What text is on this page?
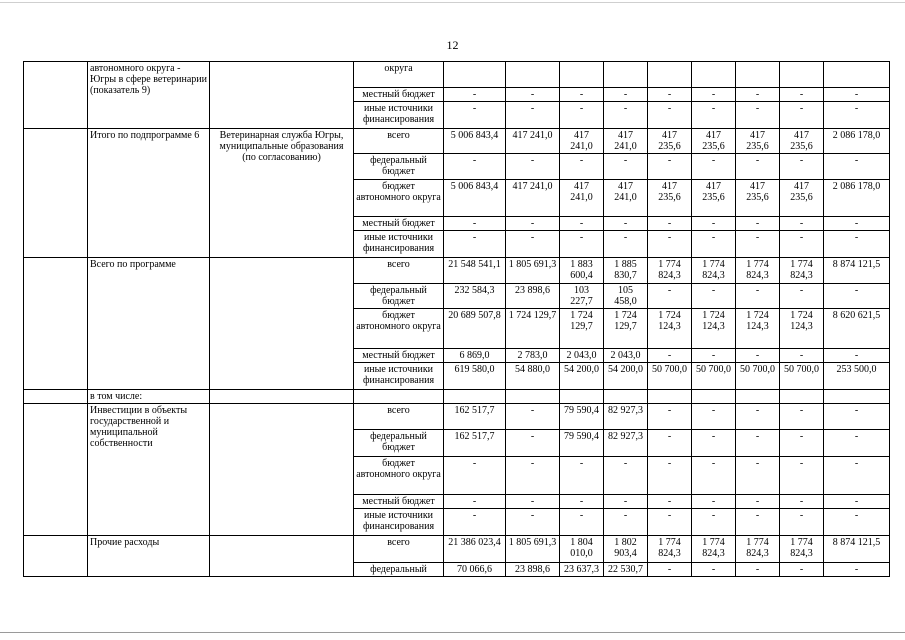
12
	автономного округа - Югры в сфере ветеринарии (показатель 9)		округа									
			местный бюджет	-	-	-	-	-	-	-	-	-
			иные источники финансирования	-	-	-	-	-	-	-	-	-
	Итого по подпрограмме 6	Ветеринарная служба Югры, муниципальные образования (по согласованию)	всего	5 006 843,4	417 241,0	417 241,0	417 241,0	417 235,6	417 235,6	417 235,6	417 235,6	2 086 178,0
			федеральный бюджет	-	-	-	-	-	-	-	-	-
			бюджет автономного округа	5 006 843,4	417 241,0	417 241,0	417 241,0	417 235,6	417 235,6	417 235,6	417 235,6	2 086 178,0
			местный бюджет	-	-	-	-	-	-	-	-	-
			иные источники финансирования	-	-	-	-	-	-	-	-	-
	Всего по программе		всего	21 548 541,1	1 805 691,3	1 883 600,4	1 885 830,7	1 774 824,3	1 774 824,3	1 774 824,3	1 774 824,3	8 874 121,5
			федеральный бюджет	232 584,3	23 898,6	103 227,7	105 458,0	-	-	-	-	-
			бюджет автономного округа	20 689 507,8	1 724 129,7	1 724 129,7	1 724 129,7	1 724 124,3	1 724 124,3	1 724 124,3	1 724 124,3	8 620 621,5
			местный бюджет	6 869,0	2 783,0	2 043,0	2 043,0	-	-	-	-	-
			иные источники финансирования	619 580,0	54 880,0	54 200,0	54 200,0	50 700,0	50 700,0	50 700,0	50 700,0	253 500,0
	в том числе:											
	Инвестиции в объекты государственной и муниципальной собственности		всего	162 517,7	-	79 590,4	82 927,3	-	-	-	-	-
			федеральный бюджет	162 517,7	-	79 590,4	82 927,3	-	-	-	-	-
			бюджет автономного округа	-	-	-	-	-	-	-	-	-
			местный бюджет	-	-	-	-	-	-	-	-	-
			иные источники финансирования	-	-	-	-	-	-	-	-	-
	Прочие расходы		всего	21 386 023,4	1 805 691,3	1 804 010,0	1 802 903,4	1 774 824,3	1 774 824,3	1 774 824,3	1 774 824,3	8 874 121,5
			федеральный	70 066,6	23 898,6	23 637,3	22 530,7	-	-	-	-	-
